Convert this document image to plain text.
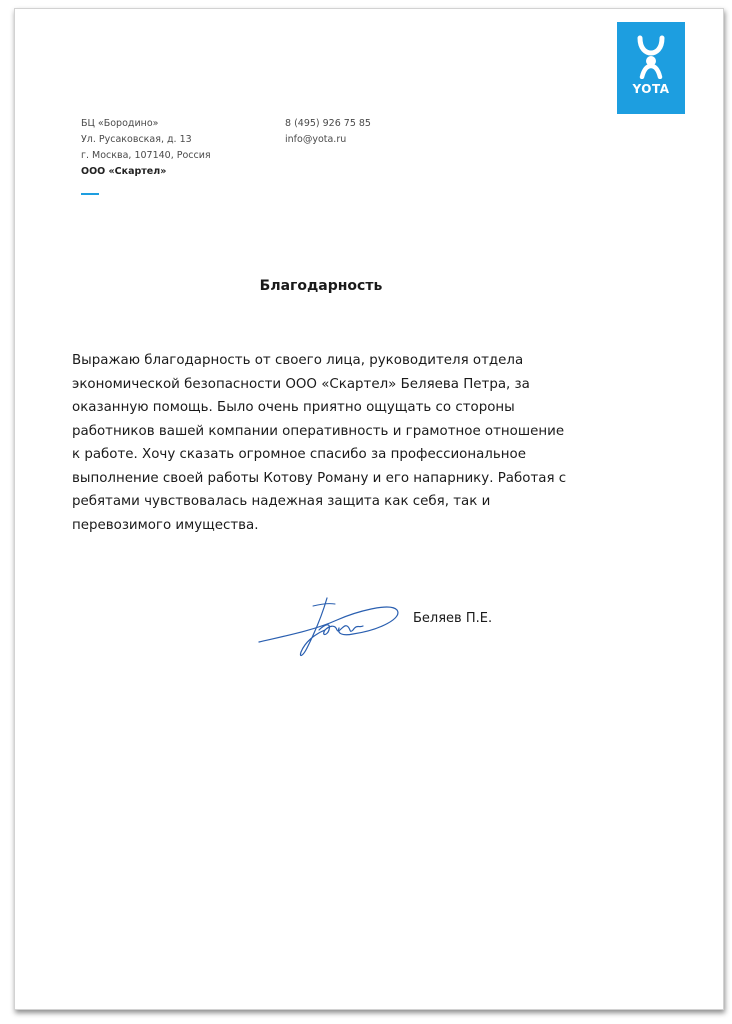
YOTA
БЦ «Бородино»
Ул. Русаковская, д. 13
г. Москва, 107140, Россия
ООО «Скартел»
8 (495) 926 75 85
info@yota.ru
Благодарность
Выражаю благодарность от своего лица, руководителя отдела
экономической безопасности ООО «Скартел» Беляева Петра, за
оказанную помощь. Было очень приятно ощущать со стороны
работников вашей компании оперативность и грамотное отношение
к работе. Хочу сказать огромное спасибо за профессиональное
выполнение своей работы Котову Роману и его напарнику. Работая с
ребятами чувствовалась надежная защита как себя, так и
перевозимого имущества.
Беляев П.Е.
